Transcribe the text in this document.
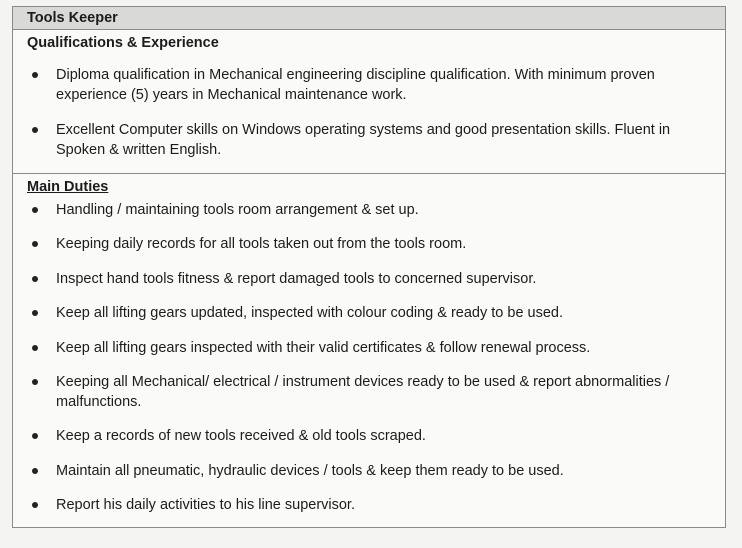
Tools Keeper
Qualifications & Experience
Diploma qualification in Mechanical engineering discipline qualification. With minimum proven experience (5) years in Mechanical maintenance work.
Excellent Computer skills on Windows operating systems and good presentation skills. Fluent in Spoken & written English.
Main Duties
Handling / maintaining tools room arrangement & set up.
Keeping daily records for all tools taken out from the tools room.
Inspect hand tools fitness & report damaged tools to concerned supervisor.
Keep all lifting gears updated, inspected with colour coding & ready to be used.
Keep all lifting gears inspected with their valid certificates & follow renewal process.
Keeping all Mechanical/ electrical / instrument devices ready to be used & report abnormalities / malfunctions.
Keep a records of new tools received & old tools scraped.
Maintain all pneumatic, hydraulic devices / tools & keep them ready to be used.
Report his daily activities to his line supervisor.
